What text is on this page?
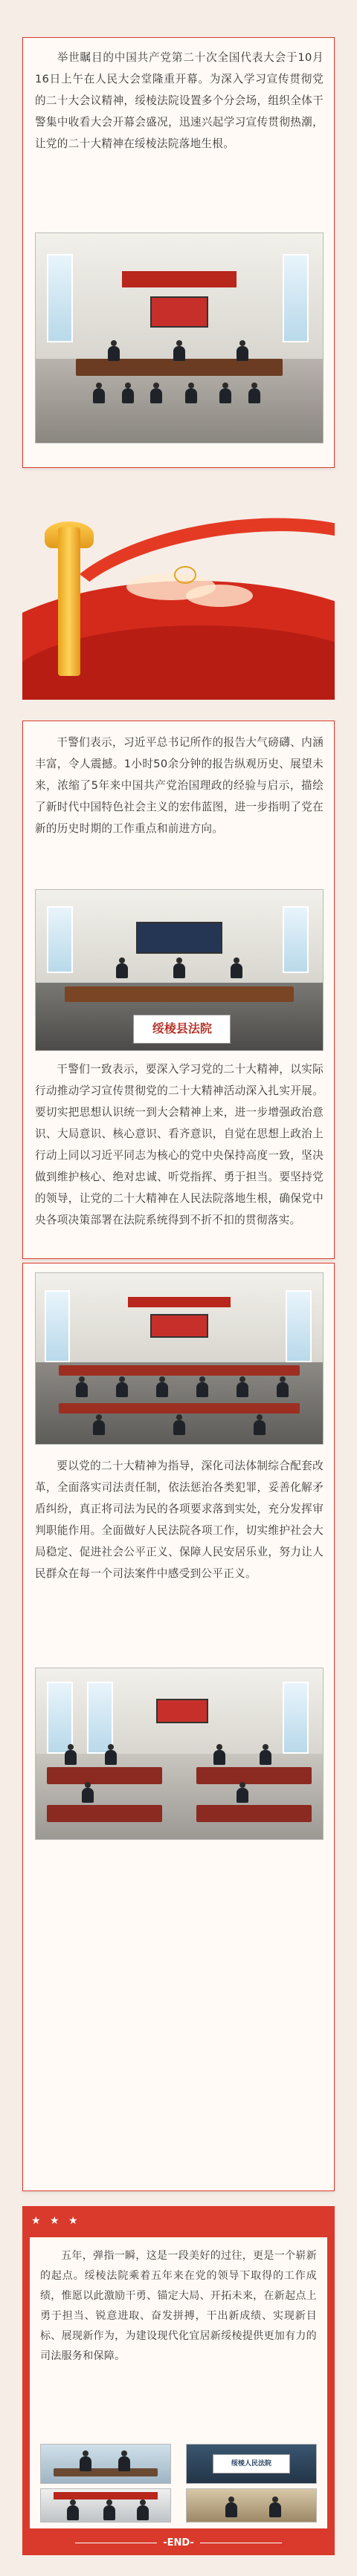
举世瞩目的中国共产党第二十次全国代表大会于10月16日上午在人民大会堂隆重开幕。为深入学习宣传贯彻党的二十大会议精神，绥棱法院设置多个分会场，组织全体干警集中收看大会开幕会盛况，迅速兴起学习宣传贯彻热潮，让党的二十大精神在绥棱法院落地生根。
干警们表示，习近平总书记所作的报告大气磅礴、内涵丰富，令人震撼。1小时50余分钟的报告纵观历史、展望未来，浓缩了5年来中国共产党治国理政的经验与启示，描绘了新时代中国特色社会主义的宏伟蓝图，进一步指明了党在新的历史时期的工作重点和前进方向。
绥棱县法院
干警们一致表示，要深入学习党的二十大精神，以实际行动推动学习宣传贯彻党的二十大精神活动深入扎实开展。要切实把思想认识统一到大会精神上来，进一步增强政治意识、大局意识、核心意识、看齐意识，自觉在思想上政治上行动上同以习近平同志为核心的党中央保持高度一致，坚决做到维护核心、绝对忠诚、听党指挥、勇于担当。要坚持党的领导，让党的二十大精神在人民法院落地生根，确保党中央各项决策部署在法院系统得到不折不扣的贯彻落实。
要以党的二十大精神为指导，深化司法体制综合配套改革，全面落实司法责任制，依法惩治各类犯罪，妥善化解矛盾纠纷，真正将司法为民的各项要求落到实处，充分发挥审判职能作用。全面做好人民法院各项工作，切实维护社会大局稳定、促进社会公平正义、保障人民安居乐业，努力让人民群众在每一个司法案件中感受到公平正义。
★ ★ ★
五年，弹指一瞬，这是一段美好的过往，更是一个崭新的起点。绥棱法院乘着五年来在党的领导下取得的工作成绩，惟愿以此激励干勇、锚定大局、开拓未来，在新起点上勇于担当、锐意进取、奋发拼搏，干出新成绩、实现新目标、展现新作为，为建设现代化宜居新绥棱提供更加有力的司法服务和保障。
绥棱人民法院
-END-
